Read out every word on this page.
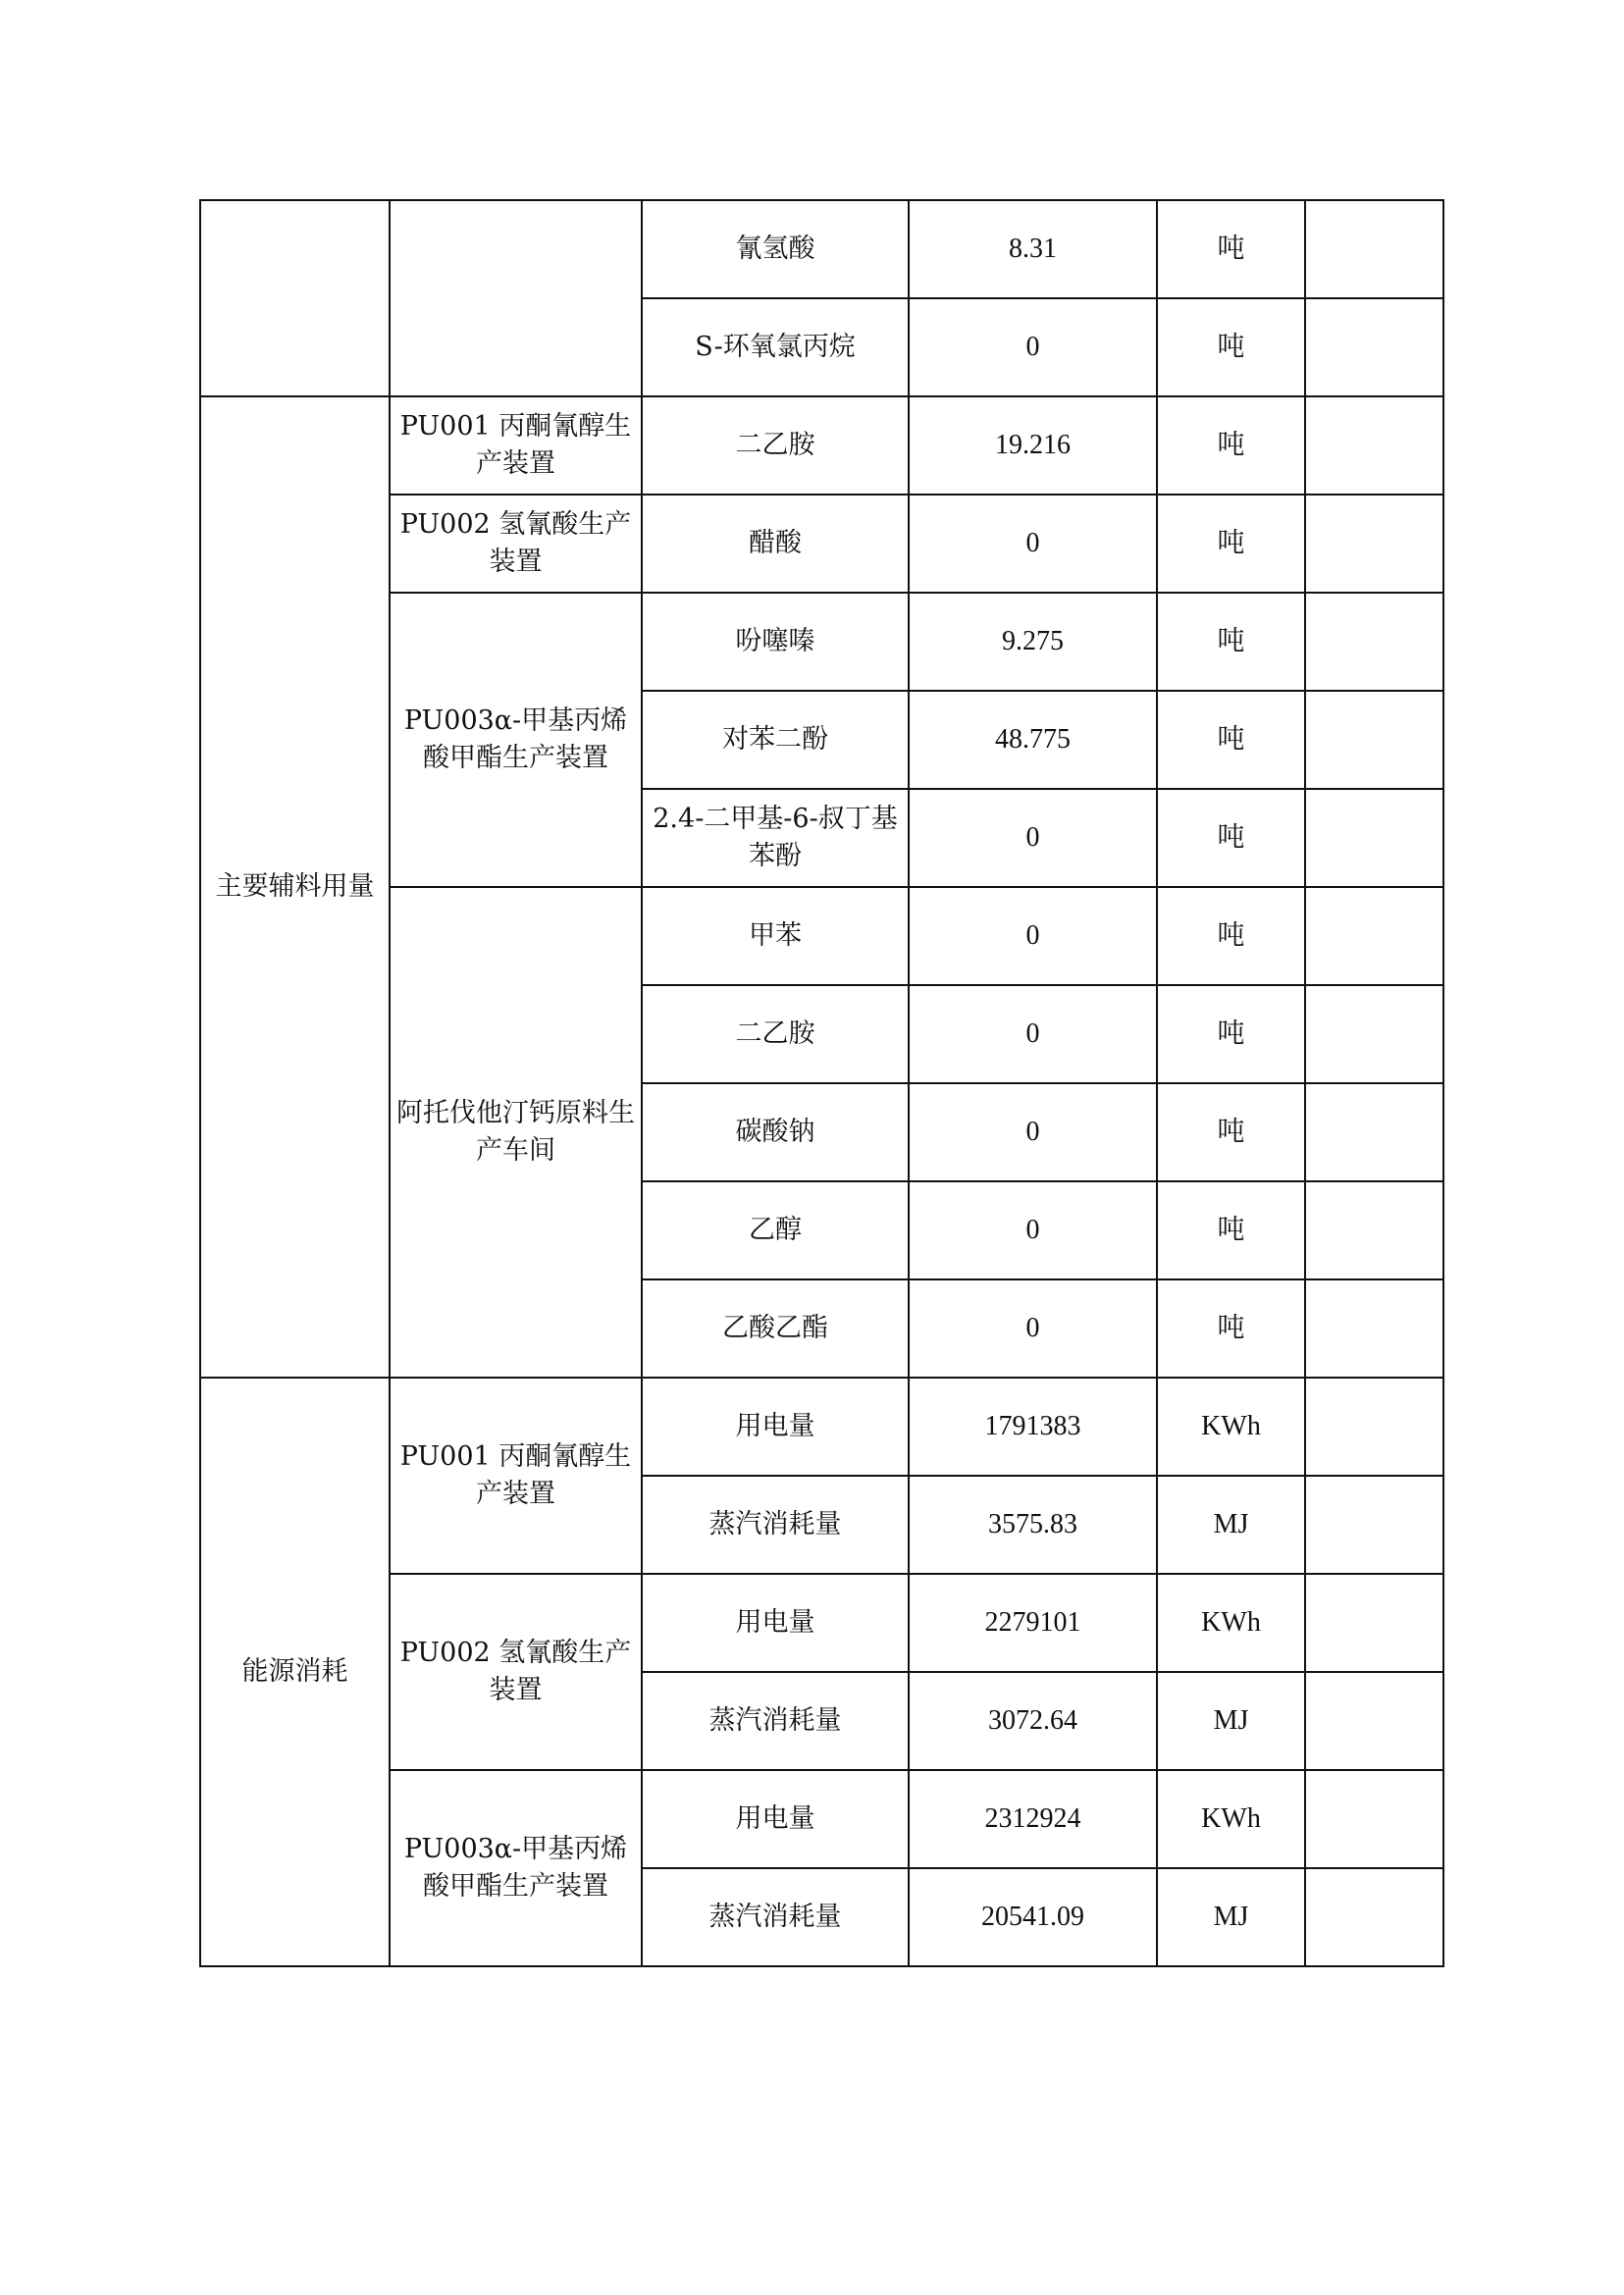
		氰氢酸	8.31	吨	
		S-环氧氯丙烷	0	吨	
主要辅料用量	PU001 丙酮氰醇生产装置	二乙胺	19.216	吨	
	PU002 氢氰酸生产装置	醋酸	0	吨	
	PU003α-甲基丙烯酸甲酯生产装置	吩噻嗪	9.275	吨	
		对苯二酚	48.775	吨	
		2.4-二甲基-6-叔丁基苯酚	0	吨	
	阿托伐他汀钙原料生产车间	甲苯	0	吨	
		二乙胺	0	吨	
		碳酸钠	0	吨	
		乙醇	0	吨	
		乙酸乙酯	0	吨	
能源消耗	PU001 丙酮氰醇生产装置	用电量	1791383	KWh	
		蒸汽消耗量	3575.83	MJ	
	PU002 氢氰酸生产装置	用电量	2279101	KWh	
		蒸汽消耗量	3072.64	MJ	
	PU003α-甲基丙烯酸甲酯生产装置	用电量	2312924	KWh	
		蒸汽消耗量	20541.09	MJ	
